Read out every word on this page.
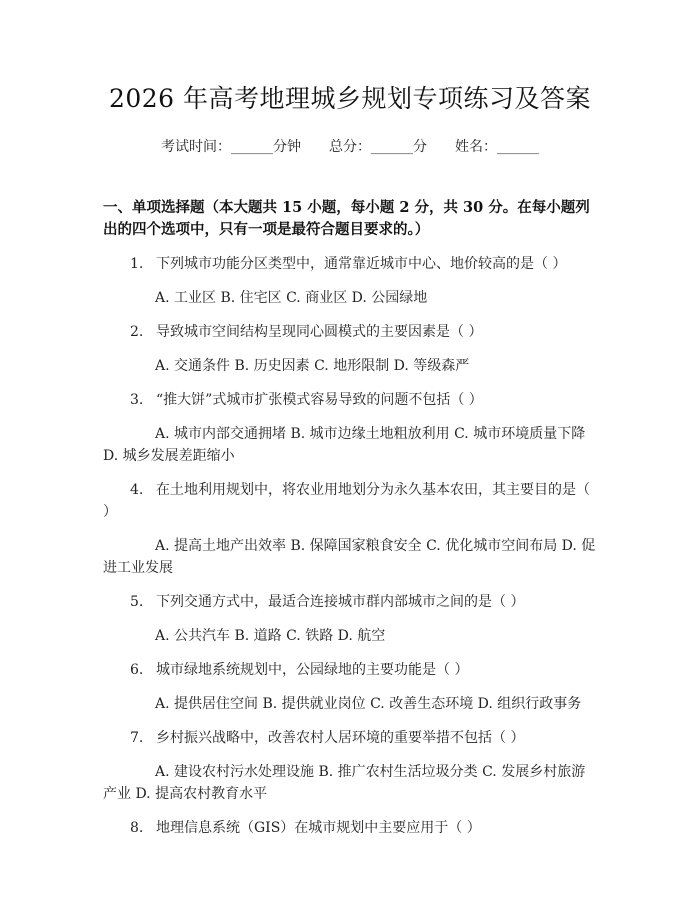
2026 年高考地理城乡规划专项练习及答案
考试时间：______分钟 总分：______分 姓名：______
一、单项选择题（本大题共 15 小题，每小题 2 分，共 30 分。在每小题列出的四个选项中，只有一项是最符合题目要求的。）
1. 下列城市功能分区类型中，通常靠近城市中心、地价较高的是（ ）
A. 工业区 B. 住宅区 C. 商业区 D. 公园绿地
2. 导致城市空间结构呈现同心圆模式的主要因素是（ ）
A. 交通条件 B. 历史因素 C. 地形限制 D. 等级森严
3. “推大饼”式城市扩张模式容易导致的问题不包括（ ）
A. 城市内部交通拥堵 B. 城市边缘土地粗放利用 C. 城市环境质量下降 D. 城乡发展差距缩小
4. 在土地利用规划中，将农业用地划分为永久基本农田，其主要目的是（ ）
A. 提高土地产出效率 B. 保障国家粮食安全 C. 优化城市空间布局 D. 促进工业发展
5. 下列交通方式中，最适合连接城市群内部城市之间的是（ ）
A. 公共汽车 B. 道路 C. 铁路 D. 航空
6. 城市绿地系统规划中，公园绿地的主要功能是（ ）
A. 提供居住空间 B. 提供就业岗位 C. 改善生态环境 D. 组织行政事务
7. 乡村振兴战略中，改善农村人居环境的重要举措不包括（ ）
A. 建设农村污水处理设施 B. 推广农村生活垃圾分类 C. 发展乡村旅游产业 D. 提高农村教育水平
8. 地理信息系统（GIS）在城市规划中主要应用于（ ）
